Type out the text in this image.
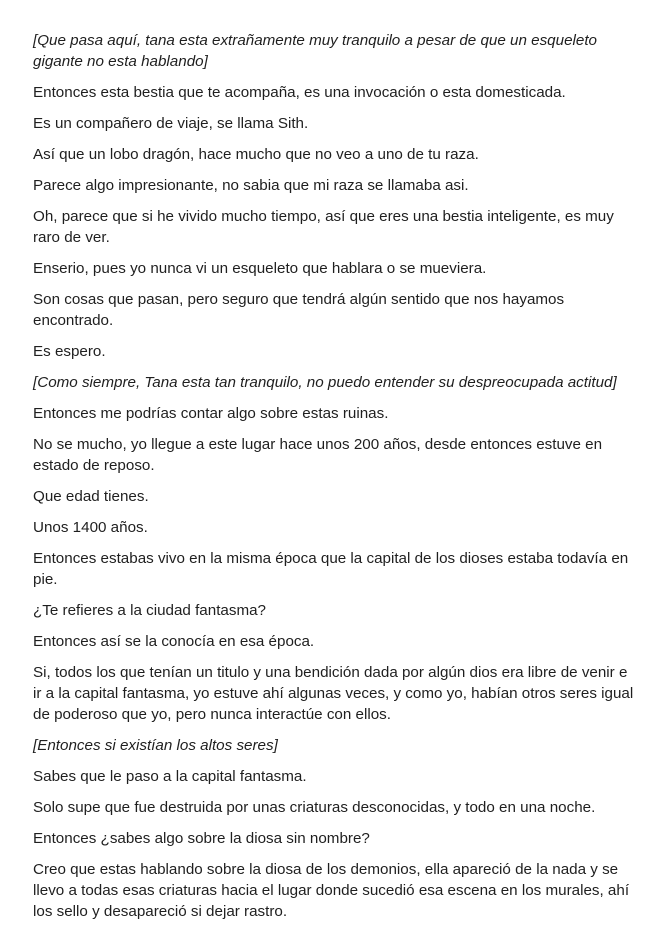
[Que pasa aquí, tana esta extrañamente muy tranquilo a pesar de que un esqueleto gigante no esta hablando]

Entonces esta bestia que te acompaña, es una invocación o esta domesticada.

Es un compañero de viaje, se llama Sith.

Así que un lobo dragón, hace mucho que no veo a uno de tu raza.

Parece algo impresionante, no sabia que mi raza se llamaba asi.

Oh, parece que si he vivido mucho tiempo, así que eres una bestia inteligente, es muy raro de ver.

Enserio, pues yo nunca vi un esqueleto que hablara o se mueviera.

Son cosas que pasan, pero seguro que tendrá algún sentido que nos hayamos encontrado.

Es espero.

[Como siempre, Tana esta tan tranquilo, no puedo entender su despreocupada actitud]

Entonces me podrías contar algo sobre estas ruinas.

No se mucho, yo llegue a este lugar hace unos 200 años, desde entonces estuve en estado de reposo.

Que edad tienes.

Unos 1400 años.

Entonces estabas vivo en la misma época que la capital de los dioses estaba todavía en pie.

¿Te refieres a la ciudad fantasma?

Entonces así se la conocía en esa época.

Si, todos los que tenían un titulo y una bendición dada por algún dios era libre de venir e ir a la capital fantasma, yo estuve ahí algunas veces, y como yo, habían otros seres igual de poderoso que yo, pero nunca interactúe con ellos.

[Entonces si existían los altos seres]

Sabes que le paso a la capital fantasma.

Solo supe que fue destruida por unas criaturas desconocidas, y todo en una noche.

Entonces ¿sabes algo sobre la diosa sin nombre?

Creo que estas hablando sobre la diosa de los demonios, ella apareció de la nada y se llevo a todas esas criaturas hacia el lugar donde sucedió esa escena en los murales, ahí los sello y desapareció si dejar rastro.
